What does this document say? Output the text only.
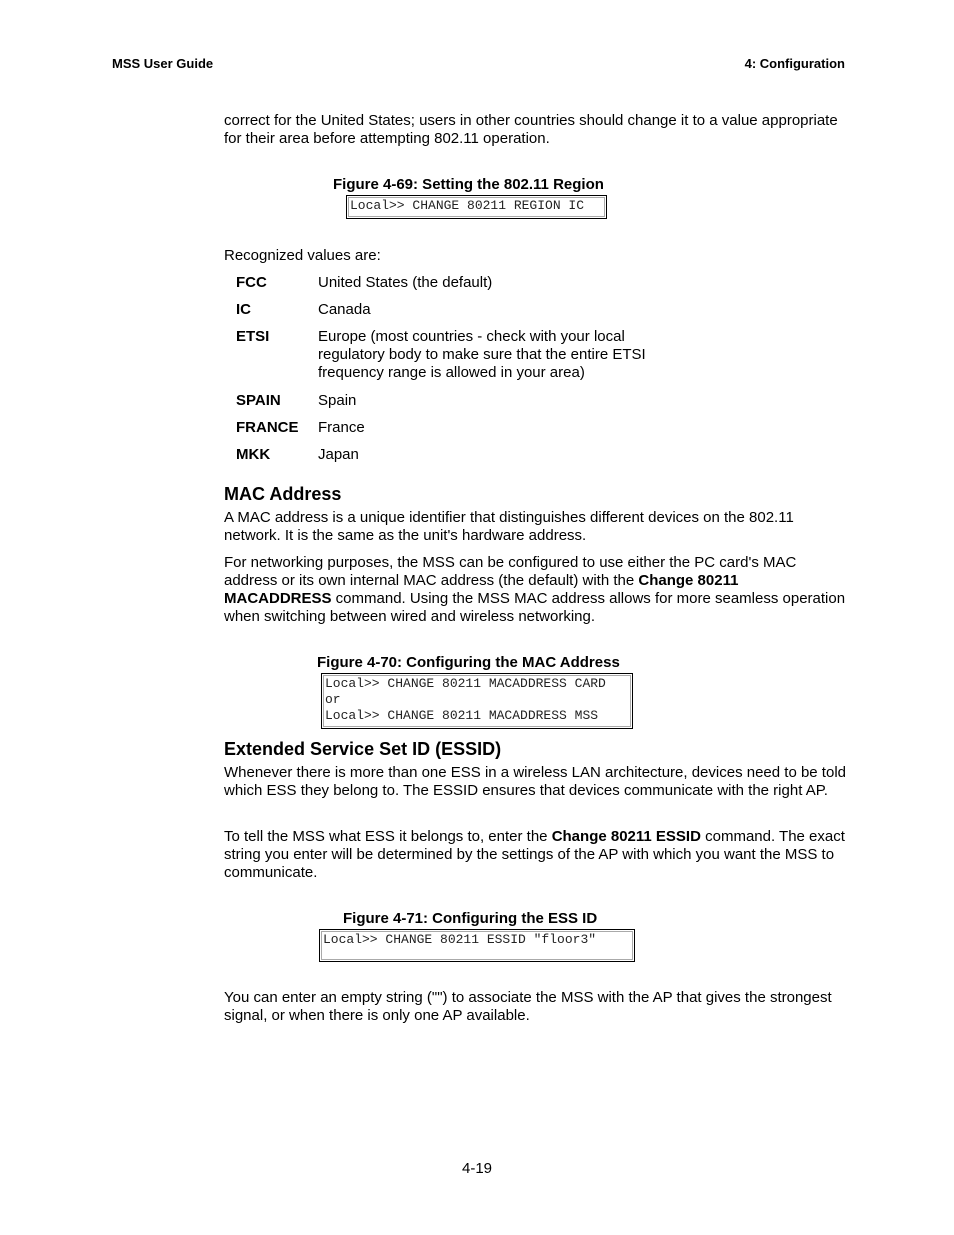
MSS User Guide	4: Configuration

correct for the United States; users in other countries should change it to a value appropriate for their area before attempting 802.11 operation.

Figure 4-69: Setting the 802.11 Region
Local>> CHANGE 80211 REGION IC

Recognized values are:

FCC	United States (the default)
IC	Canada
ETSI	Europe (most countries - check with your local regulatory body to make sure that the entire ETSI frequency range is allowed in your area)
SPAIN	Spain
FRANCE	France
MKK	Japan
MAC Address

A MAC address is a unique identifier that distinguishes different devices on the 802.11 network. It is the same as the unit's hardware address.

For networking purposes, the MSS can be configured to use either the PC card's MAC address or its own internal MAC address (the default) with the Change 80211 MACADDRESS command. Using the MSS MAC address allows for more seamless operation when switching between wired and wireless networking.

Figure 4-70: Configuring the MAC Address
Local>> CHANGE 80211 MACADDRESS CARD
or
Local>> CHANGE 80211 MACADDRESS MSS
Extended Service Set ID (ESSID)

Whenever there is more than one ESS in a wireless LAN architecture, devices need to be told which ESS they belong to. The ESSID ensures that devices communicate with the right AP.

To tell the MSS what ESS it belongs to, enter the Change 80211 ESSID command. The exact string you enter will be determined by the settings of the AP with which you want the MSS to communicate.

Figure 4-71: Configuring the ESS ID
Local>> CHANGE 80211 ESSID "floor3"

You can enter an empty string ("") to associate the MSS with the AP that gives the strongest signal, or when there is only one AP available.

4-19
